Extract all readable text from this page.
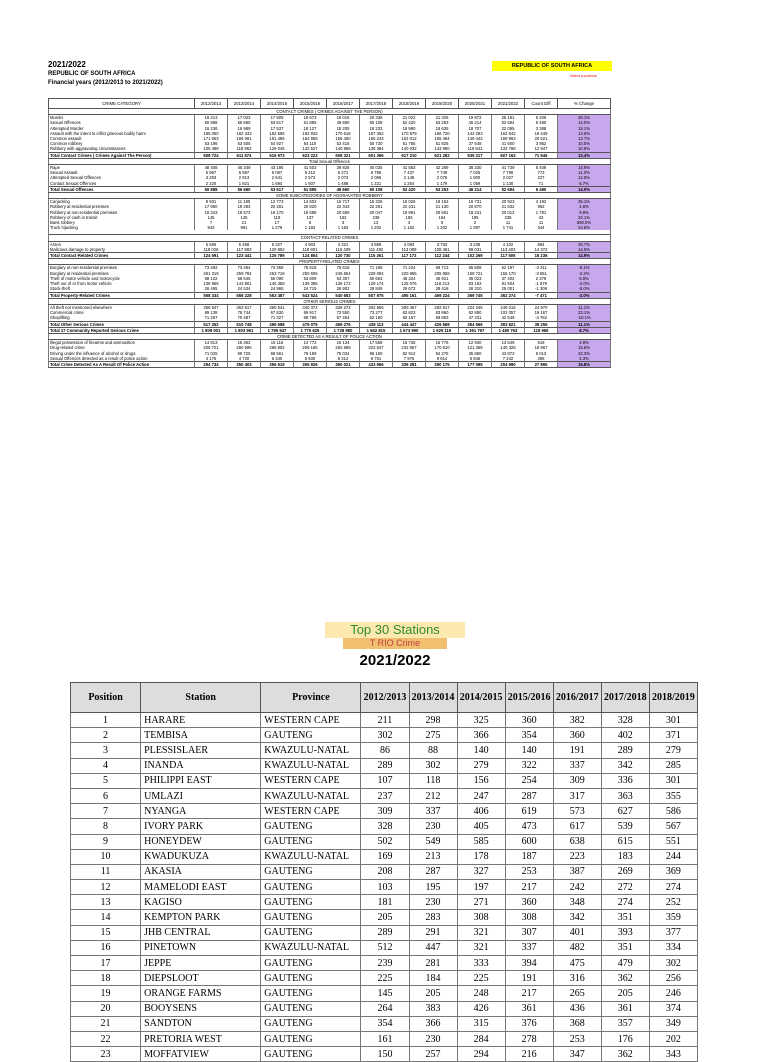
2021/2022
REPUBLIC OF SOUTH AFRICA
Financial years (2012/2013 to 2021/2022)
REPUBLIC OF SOUTH AFRICA
Select a province
CRIME CATEGORY	2012/2013	2013/2014	2014/2015	2015/2016	2016/2017	2017/2018	2018/2019	2019/2020	2020/2021	2021/2022	Count Diff	% Change
CONTACT CRIMES ( CRIMES AGAINST THE PERSON)												
Murder	16 213	17 023	17 805	18 673	19 016	20 336	21 022	21 325	19 972	25 181	5 209	26.1%
Sexual Offences	60 888	56 680	53 617	51 895	49 660	50 108	52 420	53 293	46 214	52 694	6 480	14.0%
Attempted Murder	16 236	16 989	17 537	18 127	18 205	18 233	18 980	18 635	18 707	22 095	3 388	18.1%
Assault with the intent to inflict grievous bodily harm	185 050	182 333	182 556	182 933	170 616	167 352	170 979	166 720	143 293	162 842	19 449	13.6%
Common assault	171 653	166 081	161 486	164 958	156 450	156 243	162 012	165 494	149 442	169 963	20 521	13.7%
Common robbery	53 196	53 505	54 927	54 110	53 418	50 730	51 765	51 825	37 648	41 600	3 952	10.5%
Robbery with aggravating circumstances	105 488	118 963	129 045	132 527	140 956	138 364	140 032	143 990	119 841	132 788	12 947	10.8%
Total Contact Crimes ( Crimes Against The Person)	608 724	611 574	616 973	623 223	608 321	601 366	617 210	621 282	535 217	607 163	71 946	13.4%
Total Sexual Offences												
Rape	48 408	45 349	43 195	41 503	39 828	40 035	41 583	42 289	36 330	41 739	5 409	14.9%
Sexual Assault	6 967	6 597	6 087	6 212	6 271	6 786	7 437	7 749	7 025	7 798	773	11.0%
Attempted Sexual Offences	3 293	2 913	2 641	2 573	2 073	2 066	2 146	2 076	1 800	2 027	227	12.6%
Contact Sexual Offences	2 220	1 821	1 694	1 607	1 488	1 221	1 254	1 179	1 059	1 130	71	6.7%
Total Sexual Offences	60 888	56 680	53 617	51 895	49 660	50 108	52 420	53 293	46 214	52 694	6 480	14.0%
SOME SUBCATEGORIES OF AGGRAVATED ROBBERY												
Carjacking	9 931	11 180	12 773	14 602	16 717	16 325	16 026	18 162	16 731	20 923	4 192	25.1%
Robbery at residential premises	17 950	19 284	20 281	20 820	22 343	22 261	22 431	21 130	20 870	21 832	962	4.6%
Robbery at non-residential premises	16 343	18 573	19 170	19 698	20 680	20 047	19 991	20 651	18 231	20 012	1 781	9.8%
Robbery of cash in transit	145	145	119	137	152	238	183	164	195	238	43	22.1%
Bank robbery	7	21	17	6	3	13	4	0	2	11	11	550.0%
Truck hijacking	943	991	1 279	1 184	1 183	1 202	1 182	1 202	1 397	1 741	344	24.6%

CONTACT-RELATED CRIMES												
Arson	5 665	5 458	5 327	4 903	4 321	3 869	4 083	3 783	3 238	4 102	864	26.7%
Malicious damage to property	119 026	117 983	120 862	119 901	116 409	111 492	113 089	108 461	99 031	113 403	14 372	14.5%
Total Contact-Related Crimes	124 691	123 441	125 789	124 804	120 730	115 361	117 172	112 244	102 269	117 505	15 236	14.9%
PROPERTY-RELATED CRIMES												
Burglary at non-residential premises	73 492	73 464	74 358	75 618	75 618	71 195	71 224	69 713	65 508	62 197	-3 311	-5.1%
Burglary at residential premises	261 319	259 784	253 716	250 606	246 654	228 094	220 865	205 959	159 721	156 170	-3 551	-2.2%
Theft of motor vehicle and motorcycle	58 102	56 645	55 090	53 809	53 307	50 663	48 324	46 921	35 023	37 402	2 379	6.8%
Theft out of or from motor vehicle	138 956	143 801	145 358	139 386	138 172	129 174	125 076	118 213	83 183	81 504	-1 679	-2.0%
Stock-theft	26 465	24 534	24 965	24 715	26 902	28 849	29 672	28 418	26 310	25 001	-1 309	-5.0%
Total Property-Related Crimes	558 334	558 228	553 487	543 524	540 653	507 975	495 161	469 224	369 745	362 274	-7 471	-2.0%
OTHER SERIOUS CRIMES												
All theft not mentioned elsewhere	356 847	363 517	360 541	340 372	328 272	302 656	300 457	282 817	224 245	249 215	24 970	11.1%
Commercial crime	89 138	76 744	67 830	69 917	73 550	73 277	83 823	83 860	82 890	102 057	19 167	23.1%
Shoplifting	71 267	70 487	71 327	68 786	67 454	62 180	60 167	59 883	47 331	42 549	-4 782	-10.1%
Total Other Serious Crimes	517 252	510 748	499 698	479 075	469 276	438 113	444 447	426 569	354 566	393 821	39 255	11.1%
Total 17 Community Reported Serious Crime	1 809 001	1 803 991	1 795 947	1 770 626	1 738 980	1 662 815	1 673 990	1 629 119	1 361 797	1 480 763	118 966	8.7%
CRIME DETECTED AS A RESULT OF POLICE ACTION												
Illegal possession of firearms and ammunition	14 813	15 362	15 116	14 772	16 134	17 558	15 736	15 776	12 930	13 549	619	4.8%
Drug-related crime	206 721	260 596	266 902	259 165	292 689	323 547	232 657	170 510	121 359	140 326	18 967	15.6%
Driving under the influence of alcohol or drugs	71 025	69 725	68 561	76 159	75 034	86 160	82 912	94 275	35 860	43 873	8 013	22.3%
Sexual Offences detected as a result of police action	4 175	4 720	6 340	5 830	6 314	6 701	7 976	9 614	6 846	7 242	396	4.3%
Total Crime Detected As A Result Of Police Action	294 734	350 403	356 919	355 926	390 021	433 966	339 281	290 175	177 095	204 990	27 895	15.8%
Top 30 Stations
T RIO Crime
2021/2022
Position	Station	Province	2012/2013	2013/2014	2014/2015	2015/2016	2016/2017	2017/2018	2018/2019
1	HARARE	WESTERN CAPE	211	298	325	360	382	328	301
2	TEMBISA	GAUTENG	302	275	366	354	360	402	371
3	PLESSISLAER	KWAZULU-NATAL	86	88	140	140	191	289	279
4	INANDA	KWAZULU-NATAL	289	302	279	322	337	342	285
5	PHILIPPI EAST	WESTERN CAPE	107	118	156	254	309	336	301
6	UMLAZI	KWAZULU-NATAL	237	212	247	287	317	363	355
7	NYANGA	WESTERN CAPE	309	337	406	619	573	627	586
8	IVORY PARK	GAUTENG	328	230	405	473	617	539	567
9	HONEYDEW	GAUTENG	502	549	585	600	638	615	551
10	KWADUKUZA	KWAZULU-NATAL	169	213	178	187	223	183	244
11	AKASIA	GAUTENG	208	287	327	253	387	269	369
12	MAMELODI EAST	GAUTENG	103	195	197	217	242	272	274
13	KAGISO	GAUTENG	181	230	271	360	348	274	252
14	KEMPTON PARK	GAUTENG	205	283	308	308	342	351	359
15	JHB CENTRAL	GAUTENG	289	291	321	307	401	393	377
16	PINETOWN	KWAZULU-NATAL	512	447	321	337	482	351	334
17	JEPPE	GAUTENG	239	281	333	394	475	479	302
18	DIEPSLOOT	GAUTENG	225	184	225	191	316	362	256
19	ORANGE FARMS	GAUTENG	145	205	248	217	265	205	246
20	BOOYSENS	GAUTENG	264	383	426	361	436	361	374
21	SANDTON	GAUTENG	354	366	315	376	368	357	349
22	PRETORIA WEST	GAUTENG	161	230	284	278	253	176	202
23	MOFFATVIEW	GAUTENG	150	257	294	216	347	362	343
